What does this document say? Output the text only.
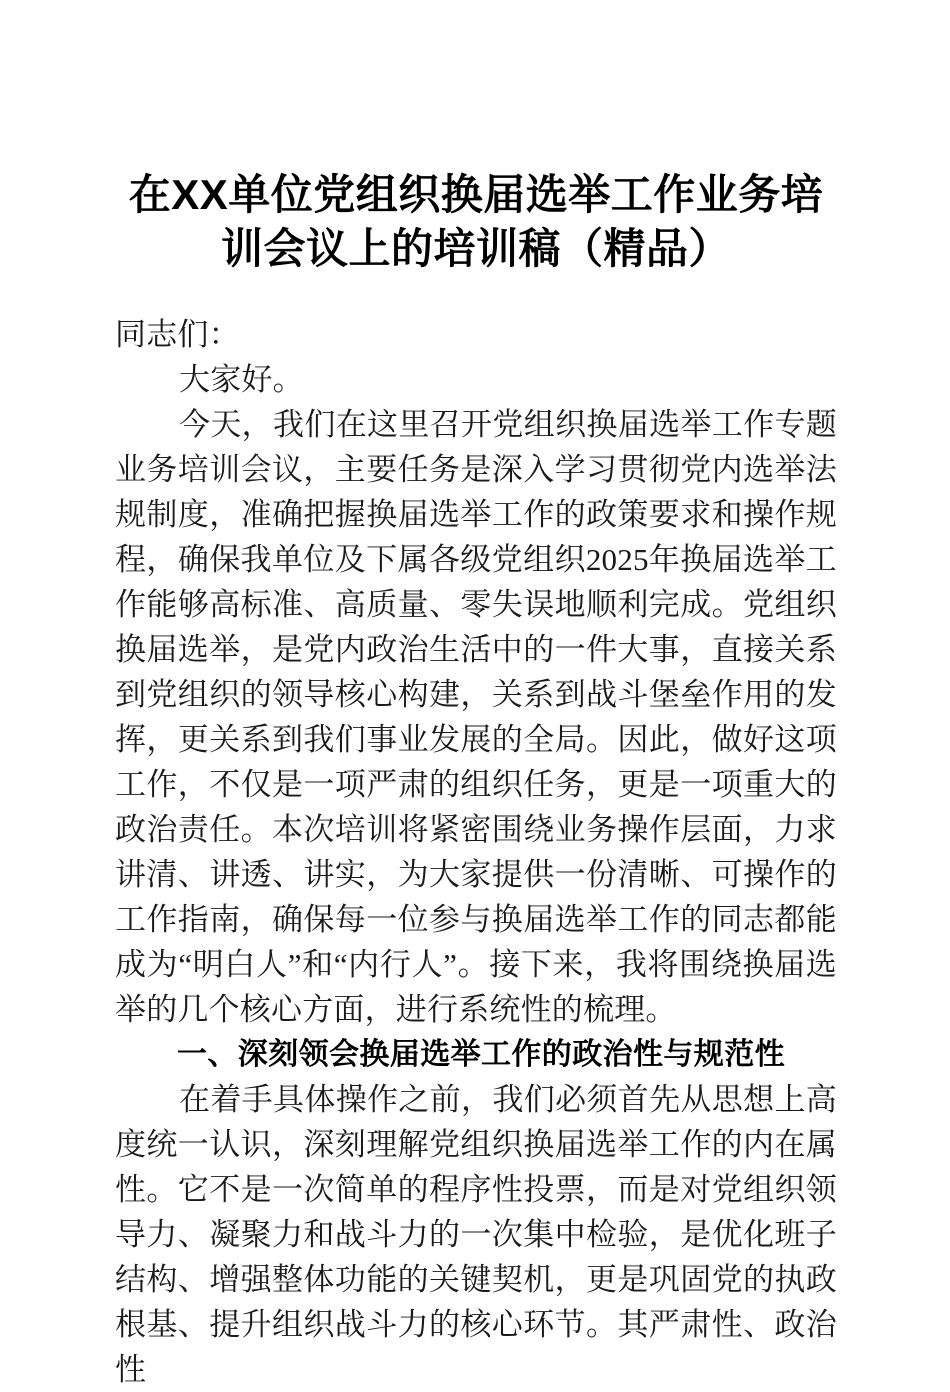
在XX单位党组织换届选举工作业务培
训会议上的培训稿（精品）

同志们：

大家好。

今天，我们在这里召开党组织换届选举工作专题业务培训会议，主要任务是深入学习贯彻党内选举法规制度，准确把握换届选举工作的政策要求和操作规程，确保我单位及下属各级党组织2025年换届选举工作能够高标准、高质量、零失误地顺利完成。党组织换届选举，是党内政治生活中的一件大事，直接关系到党组织的领导核心构建，关系到战斗堡垒作用的发挥，更关系到我们事业发展的全局。因此，做好这项工作，不仅是一项严肃的组织任务，更是一项重大的政治责任。本次培训将紧密围绕业务操作层面，力求讲清、讲透、讲实，为大家提供一份清晰、可操作的工作指南，确保每一位参与换届选举工作的同志都能成为“明白人”和“内行人”。接下来，我将围绕换届选举的几个核心方面，进行系统性的梳理。

一、深刻领会换届选举工作的政治性与规范性

在着手具体操作之前，我们必须首先从思想上高度统一认识，深刻理解党组织换届选举工作的内在属性。它不是一次简单的程序性投票，而是对党组织领导力、凝聚力和战斗力的一次集中检验，是优化班子结构、增强整体功能的关键契机，更是巩固党的执政根基、提升组织战斗力的核心环节。其严肃性、政治性
